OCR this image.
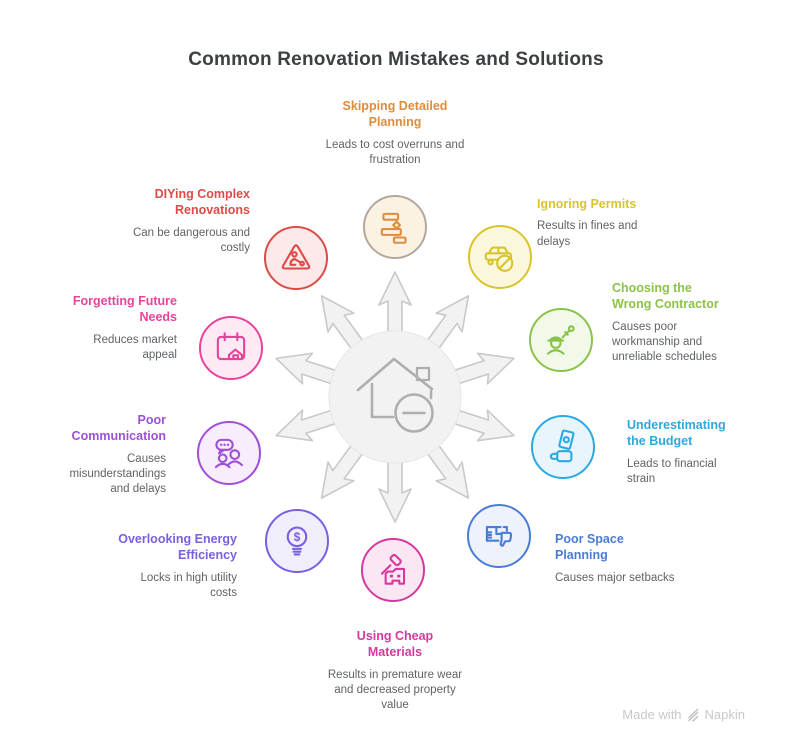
Common Renovation Mistakes and Solutions
Skipping Detailed Planning

Leads to cost overruns and frustration

Ignoring Permits

Results in fines and delays

Choosing the Wrong Contractor

Causes poor workmanship and unreliable schedules

Underestimating the Budget

Leads to financial strain

Poor Space Planning

Causes major setbacks

Using Cheap Materials

Results in premature wear and decreased property value

$
Overlooking Energy Efficiency

Locks in high utility costs

Poor Communication

Causes misunderstandings and delays

Forgetting Future Needs

Reduces market appeal

DIYing Complex Renovations

Can be dangerous and costly

Made with Napkin
